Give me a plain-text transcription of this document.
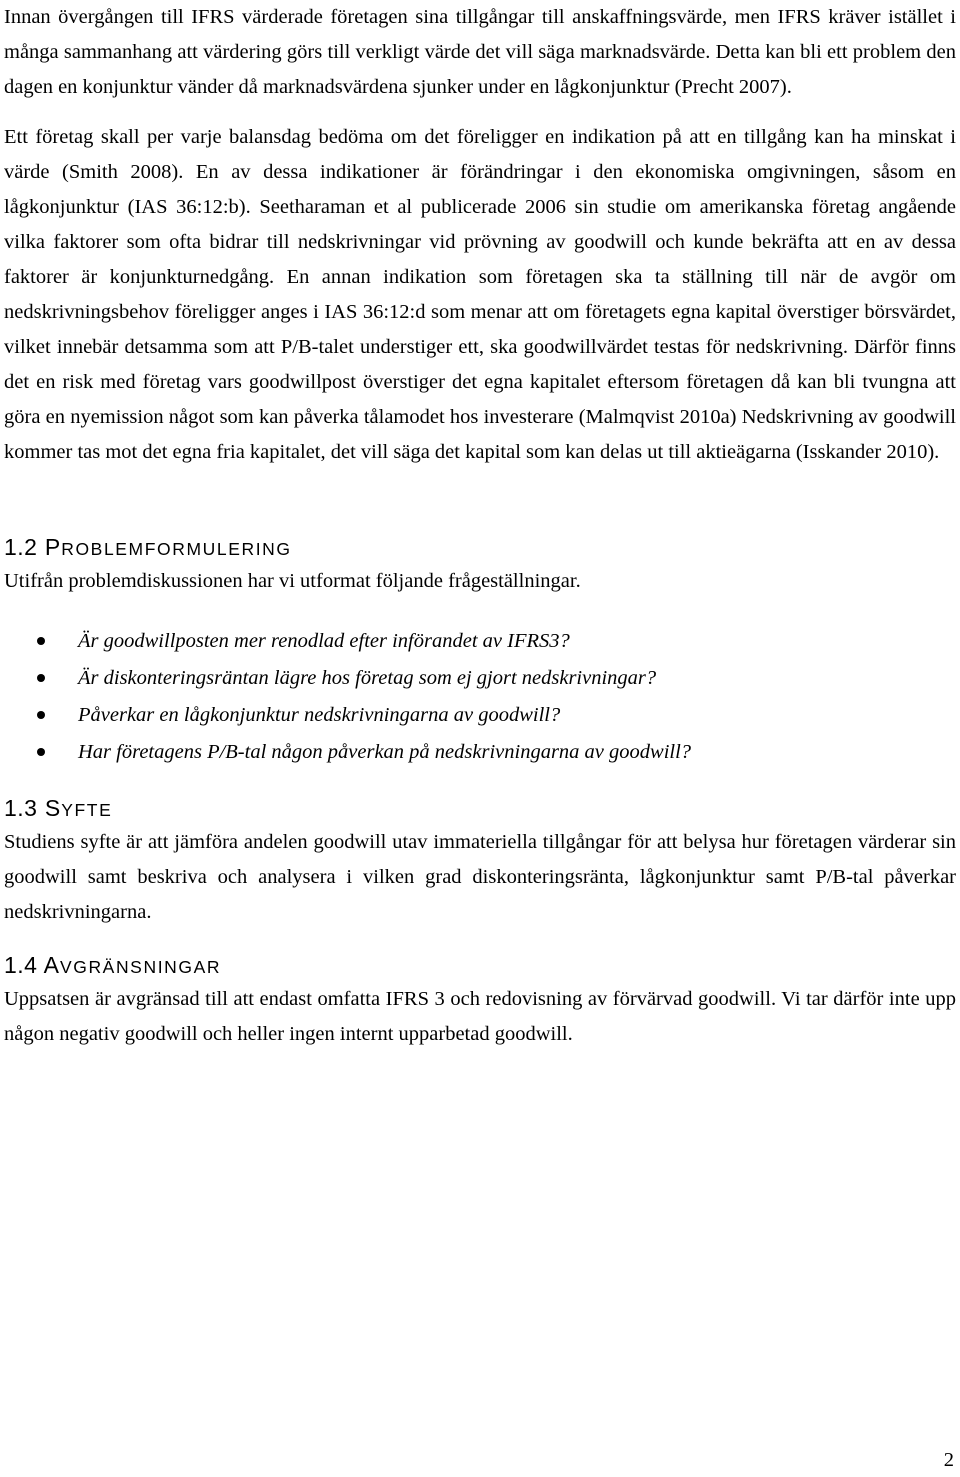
Innan övergången till IFRS värderade företagen sina tillgångar till anskaffningsvärde, men IFRS kräver istället i många sammanhang att värdering görs till verkligt värde det vill säga marknadsvärde. Detta kan bli ett problem den dagen en konjunktur vänder då marknadsvärdena sjunker under en lågkonjunktur (Precht 2007).

Ett företag skall per varje balansdag bedöma om det föreligger en indikation på att en tillgång kan ha minskat i värde (Smith 2008). En av dessa indikationer är förändringar i den ekonomiska omgivningen, såsom en lågkonjunktur (IAS 36:12:b). Seetharaman et al publicerade 2006 sin studie om amerikanska företag angående vilka faktorer som ofta bidrar till nedskrivningar vid prövning av goodwill och kunde bekräfta att en av dessa faktorer är konjunkturnedgång. En annan indikation som företagen ska ta ställning till när de avgör om nedskrivningsbehov föreligger anges i IAS 36:12:d som menar att om företagets egna kapital överstiger börsvärdet, vilket innebär detsamma som att P/B-talet understiger ett, ska goodwillvärdet testas för nedskrivning. Därför finns det en risk med företag vars goodwillpost överstiger det egna kapitalet eftersom företagen då kan bli tvungna att göra en nyemission något som kan påverka tålamodet hos investerare (Malmqvist 2010a) Nedskrivning av goodwill kommer tas mot det egna fria kapitalet, det vill säga det kapital som kan delas ut till aktieägarna (Isskander 2010).

1.2 PROBLEMFORMULERING

Utifrån problemdiskussionen har vi utformat följande frågeställningar.

Är goodwillposten mer renodlad efter införandet av IFRS3?
Är diskonteringsräntan lägre hos företag som ej gjort nedskrivningar?
Påverkar en lågkonjunktur nedskrivningarna av goodwill?
Har företagens P/B-tal någon påverkan på nedskrivningarna av goodwill?
1.3 SYFTE

Studiens syfte är att jämföra andelen goodwill utav immateriella tillgångar för att belysa hur företagen värderar sin goodwill samt beskriva och analysera i vilken grad diskonteringsränta, lågkonjunktur samt P/B-tal påverkar nedskrivningarna.

1.4 AVGRÄNSNINGAR

Uppsatsen är avgränsad till att endast omfatta IFRS 3 och redovisning av förvärvad goodwill. Vi tar därför inte upp någon negativ goodwill och heller ingen internt upparbetad goodwill.

2
